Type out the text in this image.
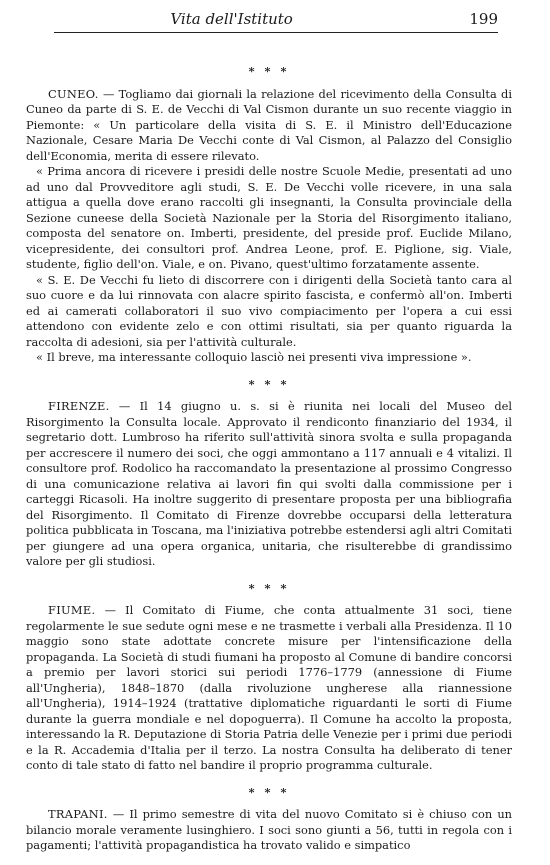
Vita dell'Istituto	199
* * *

CUNEO. — Togliamo dai giornali la relazione del ricevimento della Consulta di Cuneo da parte di S. E. de Vecchi di Val Cismon durante un suo recente viaggio in Piemonte: « Un particolare della visita di S. E. il Ministro dell'Educazione Nazionale, Cesare Maria De Vecchi conte di Val Cismon, al Palazzo del Consiglio dell'Economia, merita di essere rilevato.

« Prima ancora di ricevere i presidi delle nostre Scuole Medie, presentati ad uno ad uno dal Provveditore agli studi, S. E. De Vecchi volle ricevere, in una sala attigua a quella dove erano raccolti gli insegnanti, la Consulta provinciale della Sezione cuneese della Società Nazionale per la Storia del Risorgimento italiano, composta del senatore on. Imberti, presidente, del preside prof. Euclide Milano, vicepresidente, dei consultori prof. Andrea Leone, prof. E. Piglione, sig. Viale, studente, figlio dell'on. Viale, e on. Pivano, quest'ultimo forzatamente assente.

« S. E. De Vecchi fu lieto di discorrere con i dirigenti della Società tanto cara al suo cuore e da lui rinnovata con alacre spirito fascista, e confermò all'on. Imberti ed ai camerati collaboratori il suo vivo compiacimento per l'opera a cui essi attendono con evidente zelo e con ottimi risultati, sia per quanto riguarda la raccolta di adesioni, sia per l'attività culturale.

« Il breve, ma interessante colloquio lasciò nei presenti viva impressione ».

* * *

FIRENZE. — Il 14 giugno u. s. si è riunita nei locali del Museo del Risorgimento la Consulta locale. Approvato il rendiconto finanziario del 1934, il segretario dott. Lumbroso ha riferito sull'attività sinora svolta e sulla propaganda per accrescere il numero dei soci, che oggi ammontano a 117 annuali e 4 vitalizi. Il consultore prof. Rodolico ha raccomandato la presentazione al prossimo Congresso di una comunicazione relativa ai lavori fin qui svolti dalla commissione per i carteggi Ricasoli. Ha inoltre suggerito di presentare proposta per una bibliografia del Risorgimento. Il Comitato di Firenze dovrebbe occuparsi della letteratura politica pubblicata in Toscana, ma l'iniziativa potrebbe estendersi agli altri Comitati per giungere ad una opera organica, unitaria, che risulterebbe di grandissimo valore per gli studiosi.

* * *

FIUME. — Il Comitato di Fiume, che conta attualmente 31 soci, tiene regolarmente le sue sedute ogni mese e ne trasmette i verbali alla Presidenza. Il 10 maggio sono state adottate concrete misure per l'intensificazione della propaganda. La Società di studi fiumani ha proposto al Comune di bandire concorsi a premio per lavori storici sui periodi 1776–1779 (annessione di Fiume all'Ungheria), 1848–1870 (dalla rivoluzione ungherese alla riannessione all'Ungheria), 1914–1924 (trattative diplomatiche riguardanti le sorti di Fiume durante la guerra mondiale e nel dopoguerra). Il Comune ha accolto la proposta, interessando la R. Deputazione di Storia Patria delle Venezie per i primi due periodi e la R. Accademia d'Italia per il terzo. La nostra Consulta ha deliberato di tener conto di tale stato di fatto nel bandire il proprio programma culturale.

* * *

TRAPANI. — Il primo semestre di vita del nuovo Comitato si è chiuso con un bilancio morale veramente lusinghiero. I soci sono giunti a 56, tutti in regola con i pagamenti; l'attività propagandistica ha trovato valido e simpatico
